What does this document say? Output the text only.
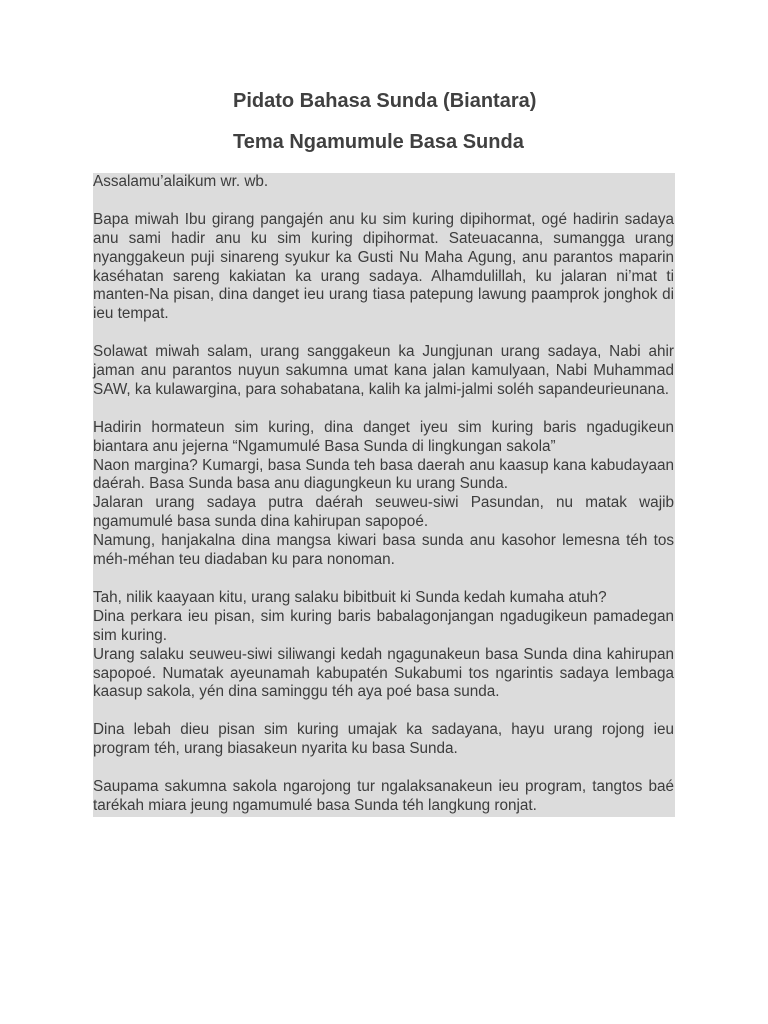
Pidato Bahasa Sunda (Biantara)
Tema Ngamumule Basa Sunda

Assalamu’alaikum wr. wb.

Bapa miwah Ibu girang pangajén anu ku sim kuring dipihormat, ogé hadirin sadaya anu sami hadir anu ku sim kuring dipihormat. Sateuacanna, sumangga urang nyanggakeun puji sinareng syukur ka Gusti Nu Maha Agung, anu parantos maparin kaséhatan sareng kakiatan ka urang sadaya. Alhamdulillah, ku jalaran ni’mat ti manten-Na pisan, dina danget ieu urang tiasa patepung lawung paamprok jonghok di ieu tempat.

Solawat miwah salam, urang sanggakeun ka Jungjunan urang sadaya, Nabi ahir jaman anu parantos nuyun sakumna umat kana jalan kamulyaan, Nabi Muhammad SAW, ka kulawargina, para sohabatana, kalih ka jalmi-jalmi soléh sapandeurieunana.

Hadirin hormateun sim kuring, dina danget iyeu sim kuring baris ngadugikeun biantara anu jejerna “Ngamumulé Basa Sunda di lingkungan sakola”
Naon margina? Kumargi, basa Sunda teh basa daerah anu kaasup kana kabudayaan daérah. Basa Sunda basa anu diagungkeun ku urang Sunda.
Jalaran urang sadaya putra daérah seuweu-siwi Pasundan, nu matak wajib ngamumulé basa sunda dina kahirupan sapopoé.
Namung, hanjakalna dina mangsa kiwari basa sunda anu kasohor lemesna téh tos méh-méhan teu diadaban ku para nonoman.
Tah, nilik kaayaan kitu, urang salaku bibitbuit ki Sunda kedah kumaha atuh?
Dina perkara ieu pisan, sim kuring baris babalagonjangan ngadugikeun pamadegan sim kuring.
Urang salaku seuweu-siwi siliwangi kedah ngagunakeun basa Sunda dina kahirupan sapopoé. Numatak ayeunamah kabupatén Sukabumi tos ngarintis sadaya lembaga kaasup sakola, yén dina saminggu téh aya poé basa sunda.

Dina lebah dieu pisan sim kuring umajak ka sadayana, hayu urang rojong ieu program téh, urang biasakeun nyarita ku basa Sunda.

Saupama sakumna sakola ngarojong tur ngalaksanakeun ieu program, tangtos baé tarékah miara jeung ngamumulé basa Sunda téh langkung ronjat.
